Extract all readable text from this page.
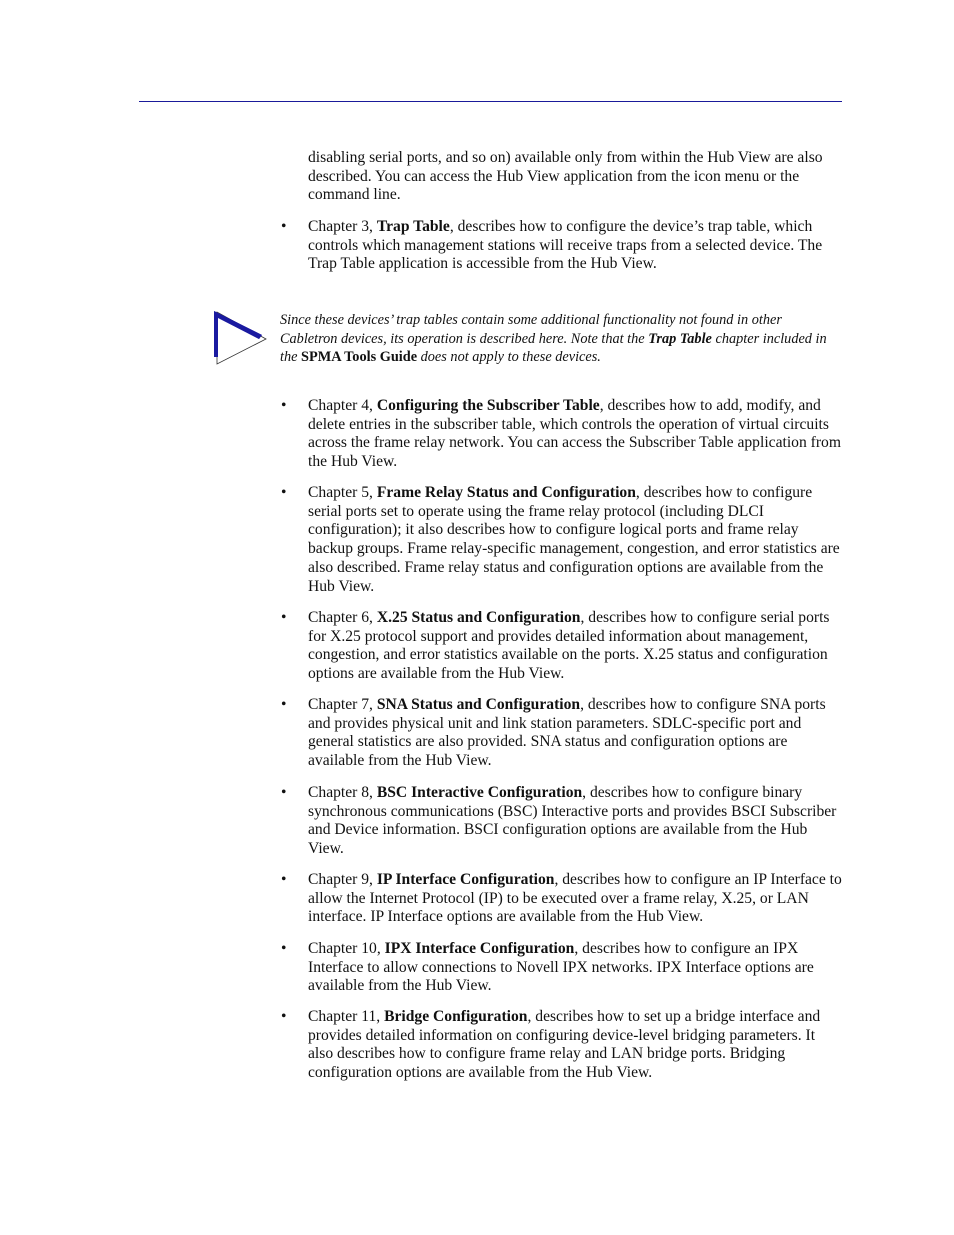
disabling serial ports, and so on) available only from within the Hub View are also described. You can access the Hub View application from the icon menu or the command line.

• Chapter 3, Trap Table, describes how to configure the device’s trap table, which controls which management stations will receive traps from a selected device. The Trap Table application is accessible from the Hub View.

Since these devices’ trap tables contain some additional functionality not found in other Cabletron devices, its operation is described here. Note that the Trap Table chapter included in the SPMA Tools Guide does not apply to these devices.

• Chapter 4, Configuring the Subscriber Table, describes how to add, modify, and delete entries in the subscriber table, which controls the operation of virtual circuits across the frame relay network. You can access the Subscriber Table application from the Hub View.

• Chapter 5, Frame Relay Status and Configuration, describes how to configure serial ports set to operate using the frame relay protocol (including DLCI configuration); it also describes how to configure logical ports and frame relay backup groups. Frame relay-specific management, congestion, and error statistics are also described. Frame relay status and configuration options are available from the Hub View.

• Chapter 6, X.25 Status and Configuration, describes how to configure serial ports for X.25 protocol support and provides detailed information about management, congestion, and error statistics available on the ports. X.25 status and configuration options are available from the Hub View.

• Chapter 7, SNA Status and Configuration, describes how to configure SNA ports and provides physical unit and link station parameters. SDLC-specific port and general statistics are also provided. SNA status and configuration options are available from the Hub View.

• Chapter 8, BSC Interactive Configuration, describes how to configure binary synchronous communications (BSC) Interactive ports and provides BSCI Subscriber and Device information. BSCI configuration options are available from the Hub View.

• Chapter 9, IP Interface Configuration, describes how to configure an IP Interface to allow the Internet Protocol (IP) to be executed over a frame relay, X.25, or LAN interface. IP Interface options are available from the Hub View.

• Chapter 10, IPX Interface Configuration, describes how to configure an IPX Interface to allow connections to Novell IPX networks. IPX Interface options are available from the Hub View.

• Chapter 11, Bridge Configuration, describes how to set up a bridge interface and provides detailed information on configuring device-level bridging parameters. It also describes how to configure frame relay and LAN bridge ports. Bridging configuration options are available from the Hub View.
